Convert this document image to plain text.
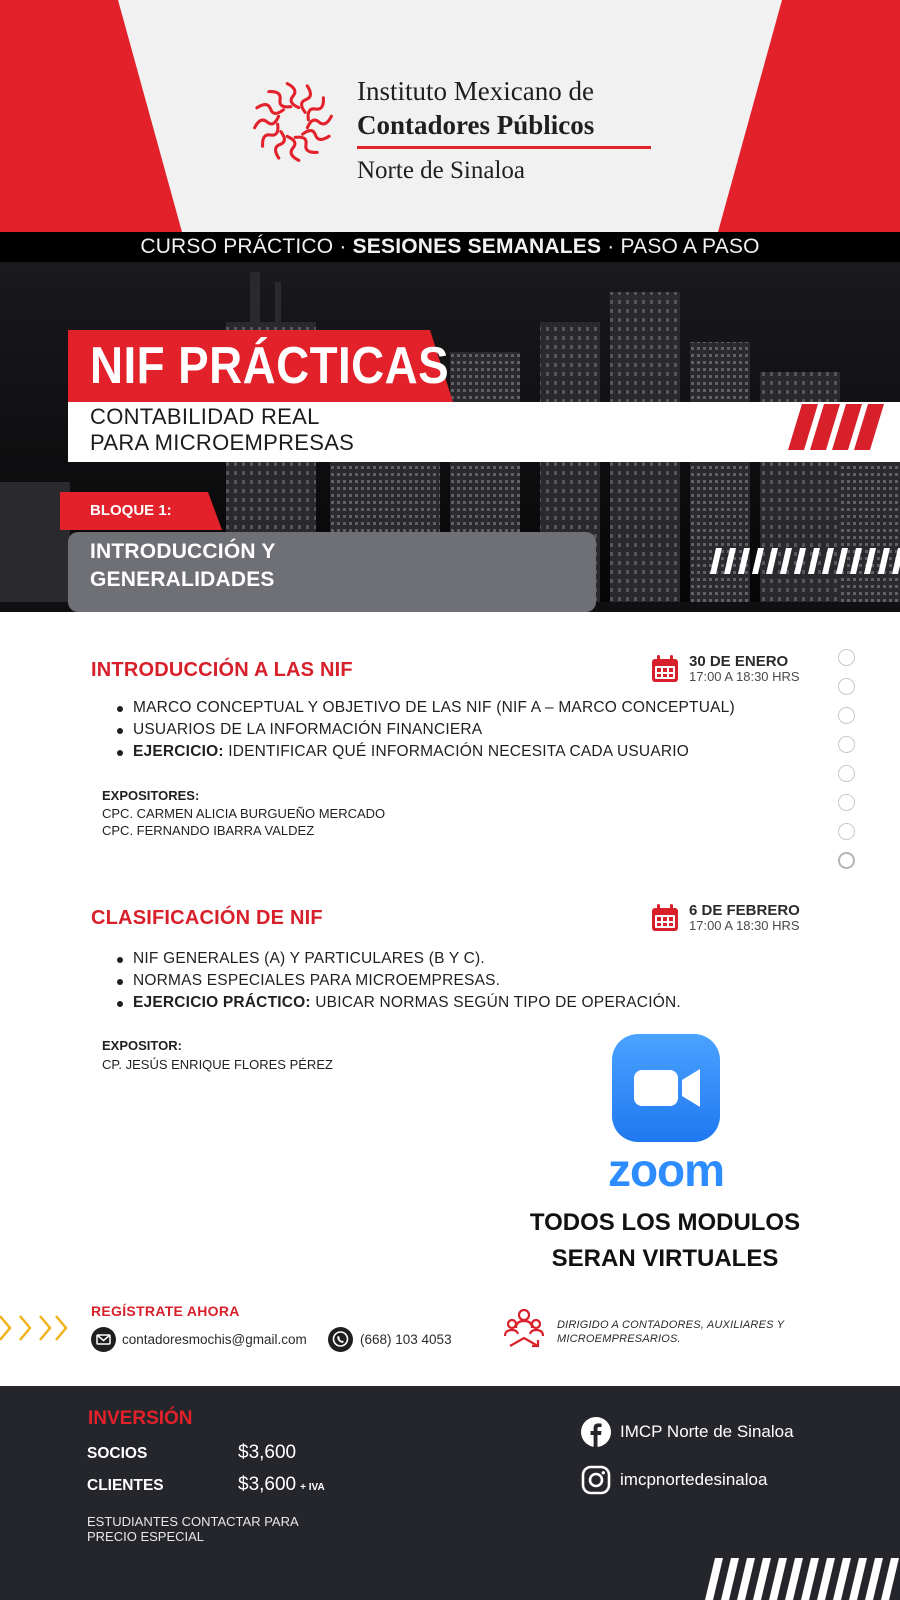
Instituto Mexicano de
Contadores Públicos
Norte de Sinaloa
CURSO PRÁCTICO · SESIONES SEMANALES · PASO A PASO
NIF PRÁCTICAS
CONTABILIDAD REAL
PARA MICROEMPRESAS
BLOQUE 1:
INTRODUCCIÓN Y
GENERALIDADES
INTRODUCCIÓN A LAS NIF	30 DE ENERO
17:00 A 18:30 HRS
MARCO CONCEPTUAL Y OBJETIVO DE LAS NIF (NIF A – MARCO CONCEPTUAL)
USUARIOS DE LA INFORMACIÓN FINANCIERA
EJERCICIO: IDENTIFICAR QUÉ INFORMACIÓN NECESITA CADA USUARIO
EXPOSITORES:
CPC. CARMEN ALICIA BURGUEÑO MERCADO
CPC. FERNANDO IBARRA VALDEZ
CLASIFICACIÓN DE NIF	6 DE FEBRERO
17:00 A 18:30 HRS
NIF GENERALES (A) Y PARTICULARES (B Y C).
NORMAS ESPECIALES PARA MICROEMPRESAS.
EJERCICIO PRÁCTICO: UBICAR NORMAS SEGÚN TIPO DE OPERACIÓN.
EXPOSITOR:
CP. JESÚS ENRIQUE FLORES PÉREZ
zoom
TODOS LOS MODULOS
SERAN VIRTUALES
REGÍSTRATE AHORA
contadoresmochis@gmail.com	(668) 103 4053
DIRIGIDO A CONTADORES, AUXILIARES Y MICROEMPRESARIOS.
INVERSIÓN
SOCIOS	$3,600
CLIENTES	$3,600 + IVA
ESTUDIANTES CONTACTAR PARA PRECIO ESPECIAL
IMCP Norte de Sinaloa
imcpnortedesinaloa
